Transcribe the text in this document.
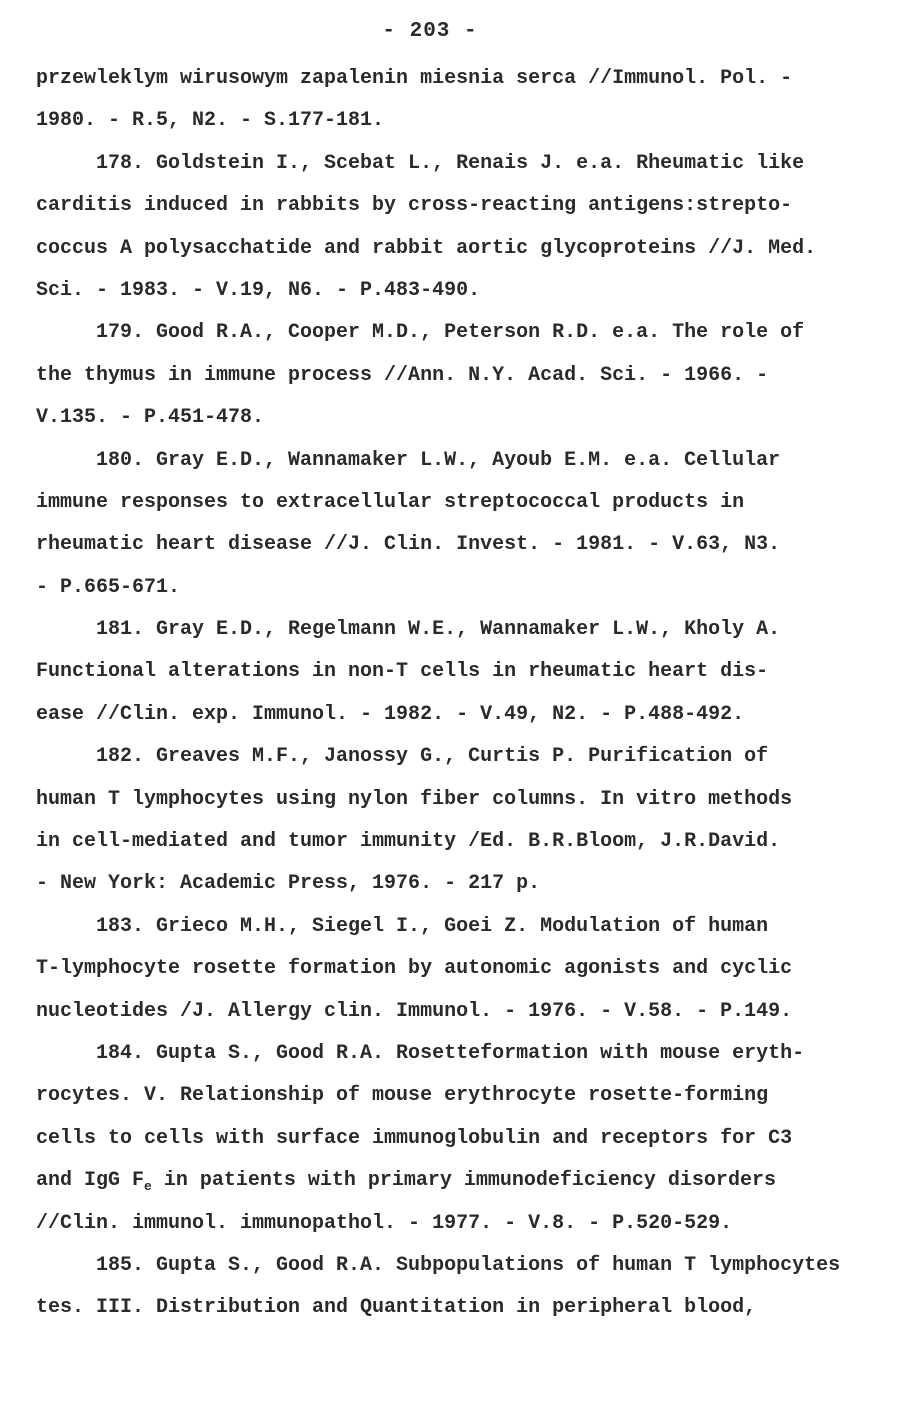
- 203 -
przewleklym wirusowym zapalenin miesnia serca //Immunol. Pol. -
1980. - R.5, N2. - S.177-181.
178. Goldstein I., Scebat L., Renais J. e.a. Rheumatic like
carditis induced in rabbits by cross-reacting antigens:strepto-
coccus A polysacchatide and rabbit aortic glycoproteins //J. Med.
Sci. - 1983. - V.19, N6. - P.483-490.
179. Good R.A., Cooper M.D., Peterson R.D. e.a. The role of
the thymus in immune process //Ann. N.Y. Acad. Sci. - 1966. -
V.135. - P.451-478.
180. Gray E.D., Wannamaker L.W., Ayoub E.M. e.a. Cellular
immune responses to extracellular streptococcal products in
rheumatic heart disease //J. Clin. Invest. - 1981. - V.63, N3.
- P.665-671.
181. Gray E.D., Regelmann W.E., Wannamaker L.W., Kholy A.
Functional alterations in non-T cells in rheumatic heart dis-
ease //Clin. exp. Immunol. - 1982. - V.49, N2. - P.488-492.
182. Greaves M.F., Janossy G., Curtis P. Purification of
human T lymphocytes using nylon fiber columns. In vitro methods
in cell-mediated and tumor immunity /Ed. B.R.Bloom, J.R.David.
- New York: Academic Press, 1976. - 217 p.
183. Grieco M.H., Siegel I., Goei Z. Modulation of human
T-lymphocyte rosette formation by autonomic agonists and cyclic
nucleotides /J. Allergy clin. Immunol. - 1976. - V.58. - P.149.
184. Gupta S., Good R.A. Rosetteformation with mouse eryth-
rocytes. V. Relationship of mouse erythrocyte rosette-forming
cells to cells with surface immunoglobulin and receptors for C3
and IgG $F_e$ in patients with primary immunodeficiency disorders
//Clin. immunol. immunopathol. - 1977. - V.8. - P.520-529.
185. Gupta S., Good R.A. Subpopulations of human T lymphocytes
tes. III. Distribution and Quantitation in peripheral blood,
